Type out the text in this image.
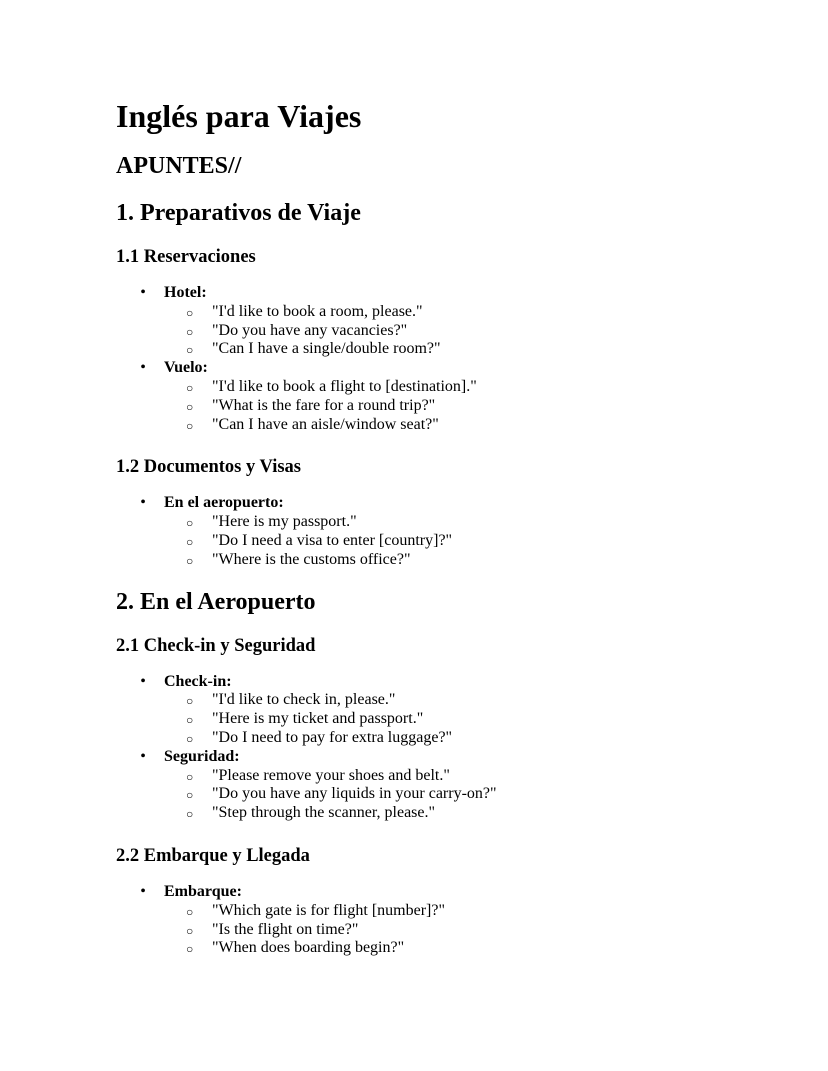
Inglés para Viajes
APUNTES//
1. Preparativos de Viaje
1.1 Reservaciones
• Hotel:
○ "I'd like to book a room, please."
○ "Do you have any vacancies?"
○ "Can I have a single/double room?"
• Vuelo:
○ "I'd like to book a flight to [destination]."
○ "What is the fare for a round trip?"
○ "Can I have an aisle/window seat?"
1.2 Documentos y Visas
• En el aeropuerto:
○ "Here is my passport."
○ "Do I need a visa to enter [country]?"
○ "Where is the customs office?"
2. En el Aeropuerto
2.1 Check-in y Seguridad
• Check-in:
○ "I'd like to check in, please."
○ "Here is my ticket and passport."
○ "Do I need to pay for extra luggage?"
• Seguridad:
○ "Please remove your shoes and belt."
○ "Do you have any liquids in your carry-on?"
○ "Step through the scanner, please."
2.2 Embarque y Llegada
• Embarque:
○ "Which gate is for flight [number]?"
○ "Is the flight on time?"
○ "When does boarding begin?"
